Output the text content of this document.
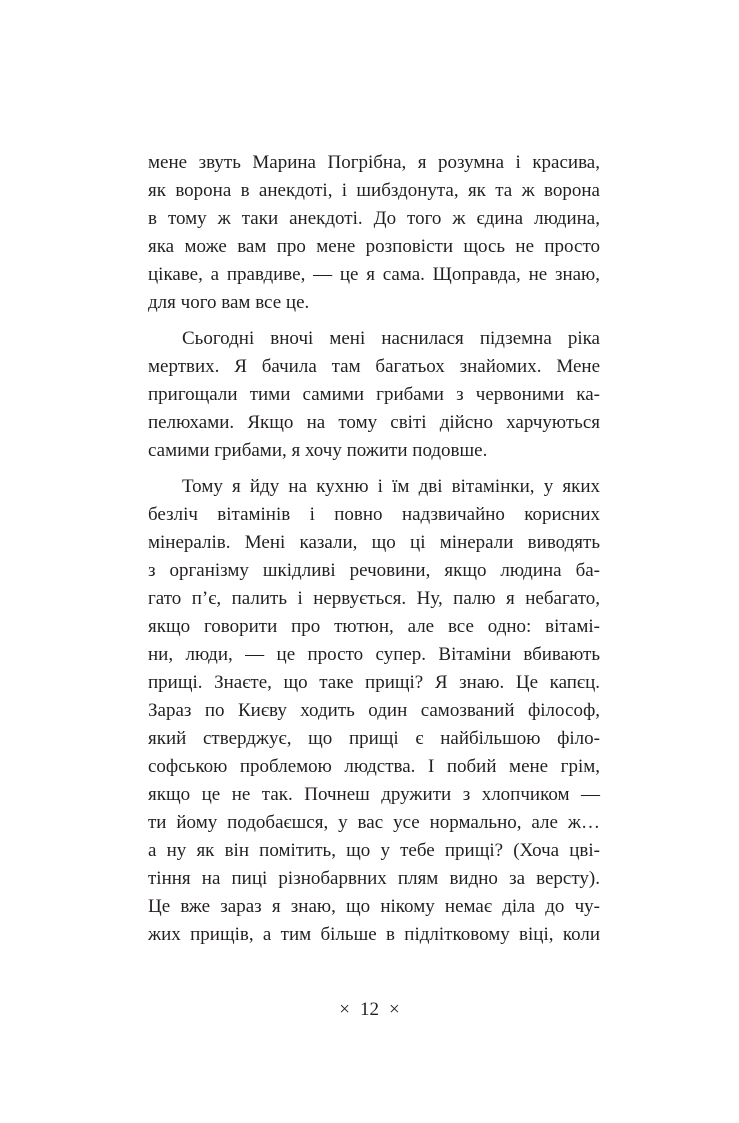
мене звуть Марина Погрібна, я розумна і красива,
як ворона в анекдоті, і шибздонута, як та ж ворона
в тому ж таки анекдоті. До того ж єдина людина,
яка може вам про мене розповісти щось не просто
цікаве, а правдиве, — це я сама. Щоправда, не знаю,
для чого вам все це.
Сьогодні вночі мені наснилася підземна ріка
мертвих. Я бачила там багатьох знайомих. Мене
пригощали тими самими грибами з червоними ка-
пелюхами. Якщо на тому світі дійсно харчуються
самими грибами, я хочу пожити подовше.
Тому я йду на кухню і їм дві вітамінки, у яких
безліч вітамінів і повно надзвичайно корисних
мінералів. Мені казали, що ці мінерали виводять
з організму шкідливі речовини, якщо людина ба-
гато п’є, палить і нервується. Ну, палю я небагато,
якщо говорити про тютюн, але все одно: вітамі-
ни, люди, — це просто супер. Вітаміни вбивають
прищі. Знаєте, що таке прищі? Я знаю. Це капєц.
Зараз по Києву ходить один самозваний філософ,
який стверджує, що прищі є найбільшою філо-
софською проблемою людства. І побий мене грім,
якщо це не так. Почнеш дружити з хлопчиком —
ти йому подобаєшся, у вас усе нормально, але ж…
а ну як він помітить, що у тебе прищі? (Хоча цві-
тіння на пиці різнобарвних плям видно за версту).
Це вже зараз я знаю, що нікому немає діла до чу-
жих прищів, а тим більше в підлітковому віці, коли
× 12 ×
